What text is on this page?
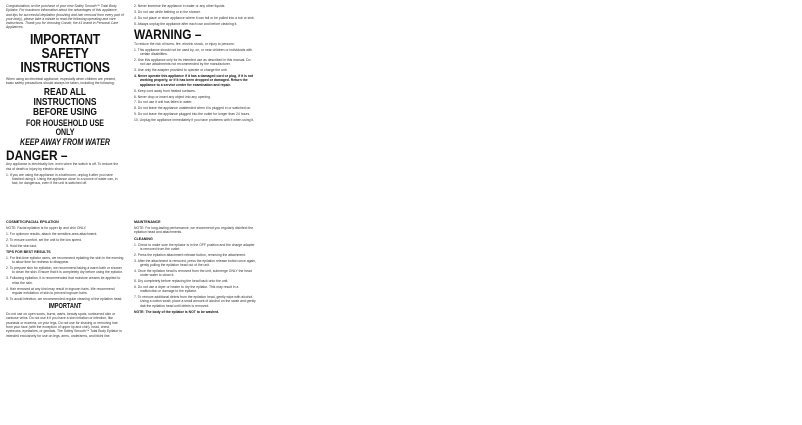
Congratulations on the purchase of your new Satiny Smooth™ Total Body Epilator. For maximum information about the advantages of this appliance, and tips for successful depilation (brushing and hair removal from every part of your body), please take a minute to read the following operating and care instructions. Thank you for choosing Conair, the #1 brand in Personal Care Appliances.

IMPORTANT SAFETY INSTRUCTIONS

When using an electrical appliance, especially when children are present, basic safety precautions should always be taken, including the following:

READ ALL INSTRUCTIONS BEFORE USING
FOR HOUSEHOLD USE ONLY
KEEP AWAY FROM WATER
DANGER –

Any appliance is electrically live, even when the switch is off. To reduce the risk of death or injury by electric shock:

1. If you are using the appliance in a bathroom, unplug it after you have finished using it. Using the appliance close to a source of water can, in fact, be dangerous, even if the unit is switched off.
COSMETIC/FACIAL EPILATION

NOTE: Facial epilation is for upper lip and chin ONLY.

1. For optimum results, attach the sensitive-area attachment.
2. To ensure comfort, set the unit to the low speed.
3. Hold the skin taut.
TIPS FOR BEST RESULTS
1. For first-time epilator users, we recommend epilating the skin in the evening to allow time for redness to disappear.
2. To prepare skin for epilation, we recommend taking a warm bath or shower to clean the skin. Ensure that it is completely dry before using the epilator.
3. Following epilation, it is recommended that moisture creams be applied to relax the skin.
4. Hair removed at any kind may result in ingrown hairs. We recommend regular exfoliation of skin to prevent ingrown hairs.
5. To avoid infection, we recommended regular cleaning of the epilation head.
IMPORTANT

Do not use on open sores, burns, warts, beauty spots, sunburned skin or varicose veins. Do not use it if you have a skin irritation or infection, like psoriasis or eczema, on your legs. Do not use for shaving or removing hair from your face (with the exception of upper lip and chin), head, chest, eyebrows, eyelashes, or genitals. The Satiny Smooth™ Total Body Epilator is intended exclusively for use on legs, arms, underarms, and bikini line.

2. Never immerse the appliance in water or any other liquids.
3. Do not use while bathing or in the shower.
4. Do not place or store appliance where it can fall or be pulled into a tub or sink.
5. Always unplug the appliance after each use and before cleaning it.
WARNING –

To reduce the risk of burns, fire, electric shock, or injury to persons:

1. This appliance should not be used by, on, or near children or individuals with certain disabilities.
2. Use this appliance only for its intended use as described in this manual. Do not use attachments not recommended by the manufacturer.
3. Use only the adapter provided to operate or charge the unit.
4. Never operate this appliance if it has a damaged cord or plug, if it is not working properly, or if it has been dropped or damaged. Return the appliance to a service center for examination and repair.
5. Keep cord away from heated surfaces.
6. Never drop or insert any object into any opening.
7. Do not use it unit has fallen in water.
8. Do not leave the appliance unattended when it is plugged in or switched on.
9. Do not leave the appliance plugged into the outlet for longer than 24 hours.
10. Unplug the appliance immediately if you have problems with it when using it.
MAINTENANCE

NOTE: For long-lasting performance, we recommend you regularly disinfect the epilation head and attachments.

CLEANING
1. Check to make sure the epilator is in the OFF position and the charge adapter is removed from the outlet.
2. Press the epilation attachment release button, removing the attachment.
3. After the attachment is removed, press the epilation release button once again, gently pulling the epilation head out of the unit.
4. Once the epilation head is removed from the unit, submerge ONLY the head under water to clean it.
5. Dry completely before replacing the head back onto the unit.
6. Do not use a dryer or heater to dry the epilator. This may result in a malfunction or damage to the epilator.
7. To remove additional debris from the epilation head, gently wipe with alcohol. Using a cotton swab, place a small amount of alcohol on the swab and gently dab the epilation head until debris is removed.

NOTE: The body of the epilator is NOT to be washed.
